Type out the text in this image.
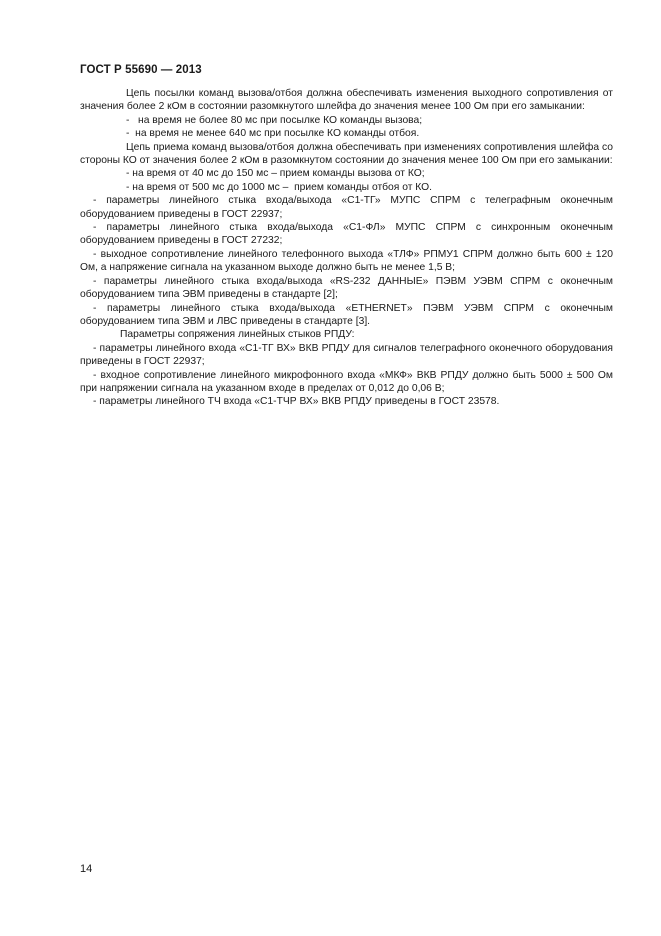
ГОСТ Р 55690 — 2013

Цепь посылки команд вызова/отбоя должна обеспечивать изменения выходного сопротивления от значения более 2 кОм в состоянии разомкнутого шлейфа до значения менее 100 Ом при его замыкании:

-   на время не более 80 мс при посылке КО команды вызова;

-  на время не менее 640 мс при посылке КО команды отбоя.

Цепь приема команд вызова/отбоя должна обеспечивать при изменениях сопротивления шлейфа со стороны КО от значения более 2 кОм в разомкнутом состоянии до значения менее 100 Ом при его замыкании:

- на время от 40 мс до 150 мс – прием команды вызова от КО;

- на время от 500 мс до 1000 мс –  прием команды отбоя от КО.

- параметры линейного стыка входа/выхода «С1-ТГ» МУПС СПРМ с телеграфным оконечным оборудованием приведены в ГОСТ 22937;

- параметры линейного стыка входа/выхода «С1-ФЛ» МУПС СПРМ с синхронным оконечным оборудованием приведены в ГОСТ 27232;

- выходное сопротивление линейного телефонного выхода «ТЛФ» РПМУ1 СПРМ должно быть 600 ± 120 Ом, а напряжение сигнала на указанном выходе должно быть не менее 1,5 В;

- параметры линейного стыка входа/выхода «RS-232 ДАННЫЕ» ПЭВМ УЭВМ СПРМ с оконечным оборудованием типа ЭВМ приведены в стандарте [2];

- параметры линейного стыка входа/выхода «ETHERNET» ПЭВМ УЭВМ СПРМ с оконечным оборудованием типа ЭВМ и ЛВС приведены в стандарте [3].

Параметры сопряжения линейных стыков РПДУ:

- параметры линейного входа «С1-ТГ ВХ» ВКВ РПДУ для сигналов телеграфного оконечного оборудования приведены в ГОСТ 22937;

- входное сопротивление линейного микрофонного входа «МКФ» ВКВ РПДУ должно быть 5000 ± 500 Ом при напряжении сигнала на указанном входе в пределах от 0,012 до 0,06 В;

- параметры линейного ТЧ входа «С1-ТЧР ВХ» ВКВ РПДУ приведены в ГОСТ 23578.

14
